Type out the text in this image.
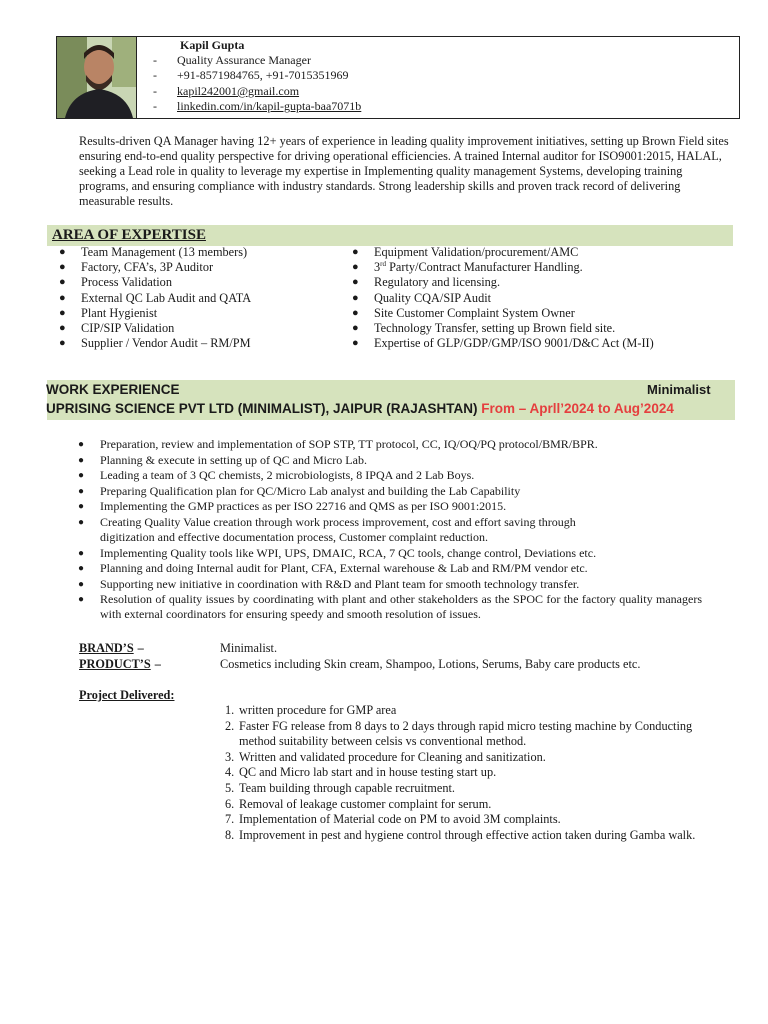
Kapil Gupta
- Quality Assurance Manager
- +91-8571984765, +91-7015351969
- kapil242001@gmail.com
- linkedin.com/in/kapil-gupta-baa7071b

Results-driven QA Manager having 12+ years of experience in leading quality improvement initiatives, setting up Brown Field sites ensuring end-to-end quality perspective for driving operational efficiencies. A trained Internal auditor for ISO9001:2015, HALAL, seeking a Lead role in quality to leverage my expertise in Implementing quality management Systems, developing training programs, and ensuring compliance with industry standards. Strong leadership skills and proven track record of delivering measurable results.

AREA OF EXPERTISE
● Team Management (13 members)
● Factory, CFA’s, 3P Auditor
● Process Validation
● External QC Lab Audit and QATA
● Plant Hygienist
● CIP/SIP Validation
● Supplier / Vendor Audit – RM/PM
● Equipment Validation/procurement/AMC
● 3rd Party/Contract Manufacturer Handling.
● Regulatory and licensing.
● Quality CQA/SIP Audit
● Site Customer Complaint System Owner
● Technology Transfer, setting up Brown field site.
● Expertise of GLP/GDP/GMP/ISO 9001/D&C Act (M-II)
WORK EXPERIENCE	Minimalist
UPRISING SCIENCE PVT LTD (MINIMALIST), JAIPUR (RAJASHTAN) From – Aprll’2024 to Aug’2024
● Preparation, review and implementation of SOP STP, TT protocol, CC, IQ/OQ/PQ protocol/BMR/BPR.
● Planning & execute in setting up of QC and Micro Lab.
● Leading a team of 3 QC chemists, 2 microbiologists, 8 IPQA and 2 Lab Boys.
● Preparing Qualification plan for QC/Micro Lab analyst and building the Lab Capability
● Implementing the GMP practices as per ISO 22716 and QMS as per ISO 9001:2015.
● Creating Quality Value creation through work process improvement, cost and effort saving through digitization and effective documentation process, Customer complaint reduction.
● Implementing Quality tools like WPI, UPS, DMAIC, RCA, 7 QC tools, change control, Deviations etc.
● Planning and doing Internal audit for Plant, CFA, External warehouse & Lab and RM/PM vendor etc.
● Supporting new initiative in coordination with R&D and Plant team for smooth technology transfer.
● Resolution of quality issues by coordinating with plant and other stakeholders as the SPOC for the factory quality managers with external coordinators for ensuring speedy and smooth resolution of issues.
BRAND’S –	Minimalist.
PRODUCT’S –	Cosmetics including Skin cream, Shampoo, Lotions, Serums, Baby care products etc.
Project Delivered:
1. written procedure for GMP area
2. Faster FG release from 8 days to 2 days through rapid micro testing machine by Conducting method suitability between celsis vs conventional method.
3. Written and validated procedure for Cleaning and sanitization.
4. QC and Micro lab start and in house testing start up.
5. Team building through capable recruitment.
6. Removal of leakage customer complaint for serum.
7. Implementation of Material code on PM to avoid 3M complaints.
8. Improvement in pest and hygiene control through effective action taken during Gamba walk.
